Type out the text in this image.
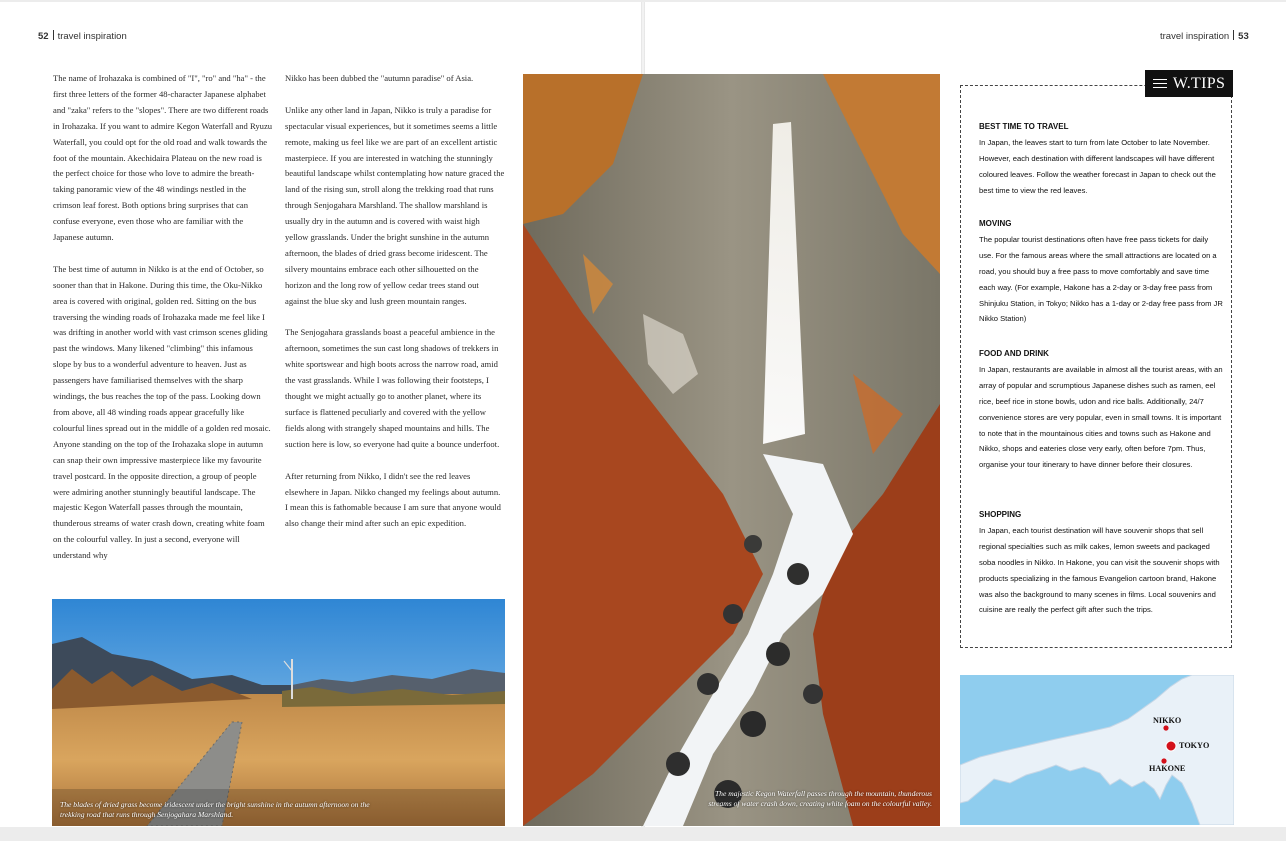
52 travel inspiration	travel inspiration 53

The name of Irohazaka is combined of "I", "ro" and "ha" - the first three letters of the former 48-character Japanese alphabet and "zaka" refers to the "slopes". There are two different roads in Irohazaka. If you want to admire Kegon Waterfall and Ryuzu Waterfall, you could opt for the old road and walk towards the foot of the mountain. Akechidaira Plateau on the new road is the perfect choice for those who love to admire the breath-taking panoramic view of the 48 windings nestled in the crimson leaf forest. Both options bring surprises that can confuse everyone, even those who are familiar with the Japanese autumn.

The best time of autumn in Nikko is at the end of October, so sooner than that in Hakone. During this time, the Oku-Nikko area is covered with original, golden red. Sitting on the bus traversing the winding roads of Irohazaka made me feel like I was drifting in another world with vast crimson scenes gliding past the windows. Many likened "climbing" this infamous slope by bus to a wonderful adventure to heaven. Just as passengers have familiarised themselves with the sharp windings, the bus reaches the top of the pass. Looking down from above, all 48 winding roads appear gracefully like colourful lines spread out in the middle of a golden red mosaic. Anyone standing on the top of the Irohazaka slope in autumn can snap their own impressive masterpiece like my favourite travel postcard. In the opposite direction, a group of people were admiring another stunningly beautiful landscape. The majestic Kegon Waterfall passes through the mountain, thunderous streams of water crash down, creating white foam on the colourful valley. In just a second, everyone will understand why

Nikko has been dubbed the "autumn paradise" of Asia.

Unlike any other land in Japan, Nikko is truly a paradise for spectacular visual experiences, but it sometimes seems a little remote, making us feel like we are part of an excellent artistic masterpiece. If you are interested in watching the stunningly beautiful landscape whilst contemplating how nature graced the land of the rising sun, stroll along the trekking road that runs through Senjogahara Marshland. The shallow marshland is usually dry in the autumn and is covered with waist high yellow grasslands. Under the bright sunshine in the autumn afternoon, the blades of dried grass become iridescent. The silvery mountains embrace each other silhouetted on the horizon and the long row of yellow cedar trees stand out against the blue sky and lush green mountain ranges.

The Senjogahara grasslands boast a peaceful ambience in the afternoon, sometimes the sun cast long shadows of trekkers in white sportswear and high boots across the narrow road, amid the vast grasslands. While I was following their footsteps, I thought we might actually go to another planet, where its surface is flattened peculiarly and covered with the yellow fields along with strangely shaped mountains and hills. The suction here is low, so everyone had quite a bounce underfoot.

After returning from Nikko, I didn't see the red leaves elsewhere in Japan. Nikko changed my feelings about autumn. I mean this is fathomable because I am sure that anyone would also change their mind after such an epic expedition.

The blades of dried grass become iridescent under the bright sunshine in the autumn afternoon on the trekking road that runs through Senjogahara Marshland.
The majestic Kegon Waterfall passes through the mountain, thunderous streams of water crash down, creating white foam on the colourful valley.
W.TIPS
BEST TIME TO TRAVEL

In Japan, the leaves start to turn from late October to late November. However, each destination with different landscapes will have different coloured leaves. Follow the weather forecast in Japan to check out the best time to view the red leaves.

MOVING

The popular tourist destinations often have free pass tickets for daily use. For the famous areas where the small attractions are located on a road, you should buy a free pass to move comfortably and save time each way. (For example, Hakone has a 2-day or 3-day free pass from Shinjuku Station, in Tokyo; Nikko has a 1-day or 2-day free pass from JR Nikko Station)

FOOD AND DRINK

In Japan, restaurants are available in almost all the tourist areas, with an array of popular and scrumptious Japanese dishes such as ramen, eel rice, beef rice in stone bowls, udon and rice balls. Additionally, 24/7 convenience stores are very popular, even in small towns. It is important to note that in the mountainous cities and towns such as Hakone and Nikko, shops and eateries close very early, often before 7pm. Thus, organise your tour itinerary to have dinner before their closures.

SHOPPING

In Japan, each tourist destination will have souvenir shops that sell regional specialties such as milk cakes, lemon sweets and packaged soba noodles in Nikko. In Hakone, you can visit the souvenir shops with products specializing in the famous Evangelion cartoon brand, Hakone was also the background to many scenes in films. Local souvenirs and cuisine are really the perfect gift after such the trips.

NIKKO
TOKYO
HAKONE
